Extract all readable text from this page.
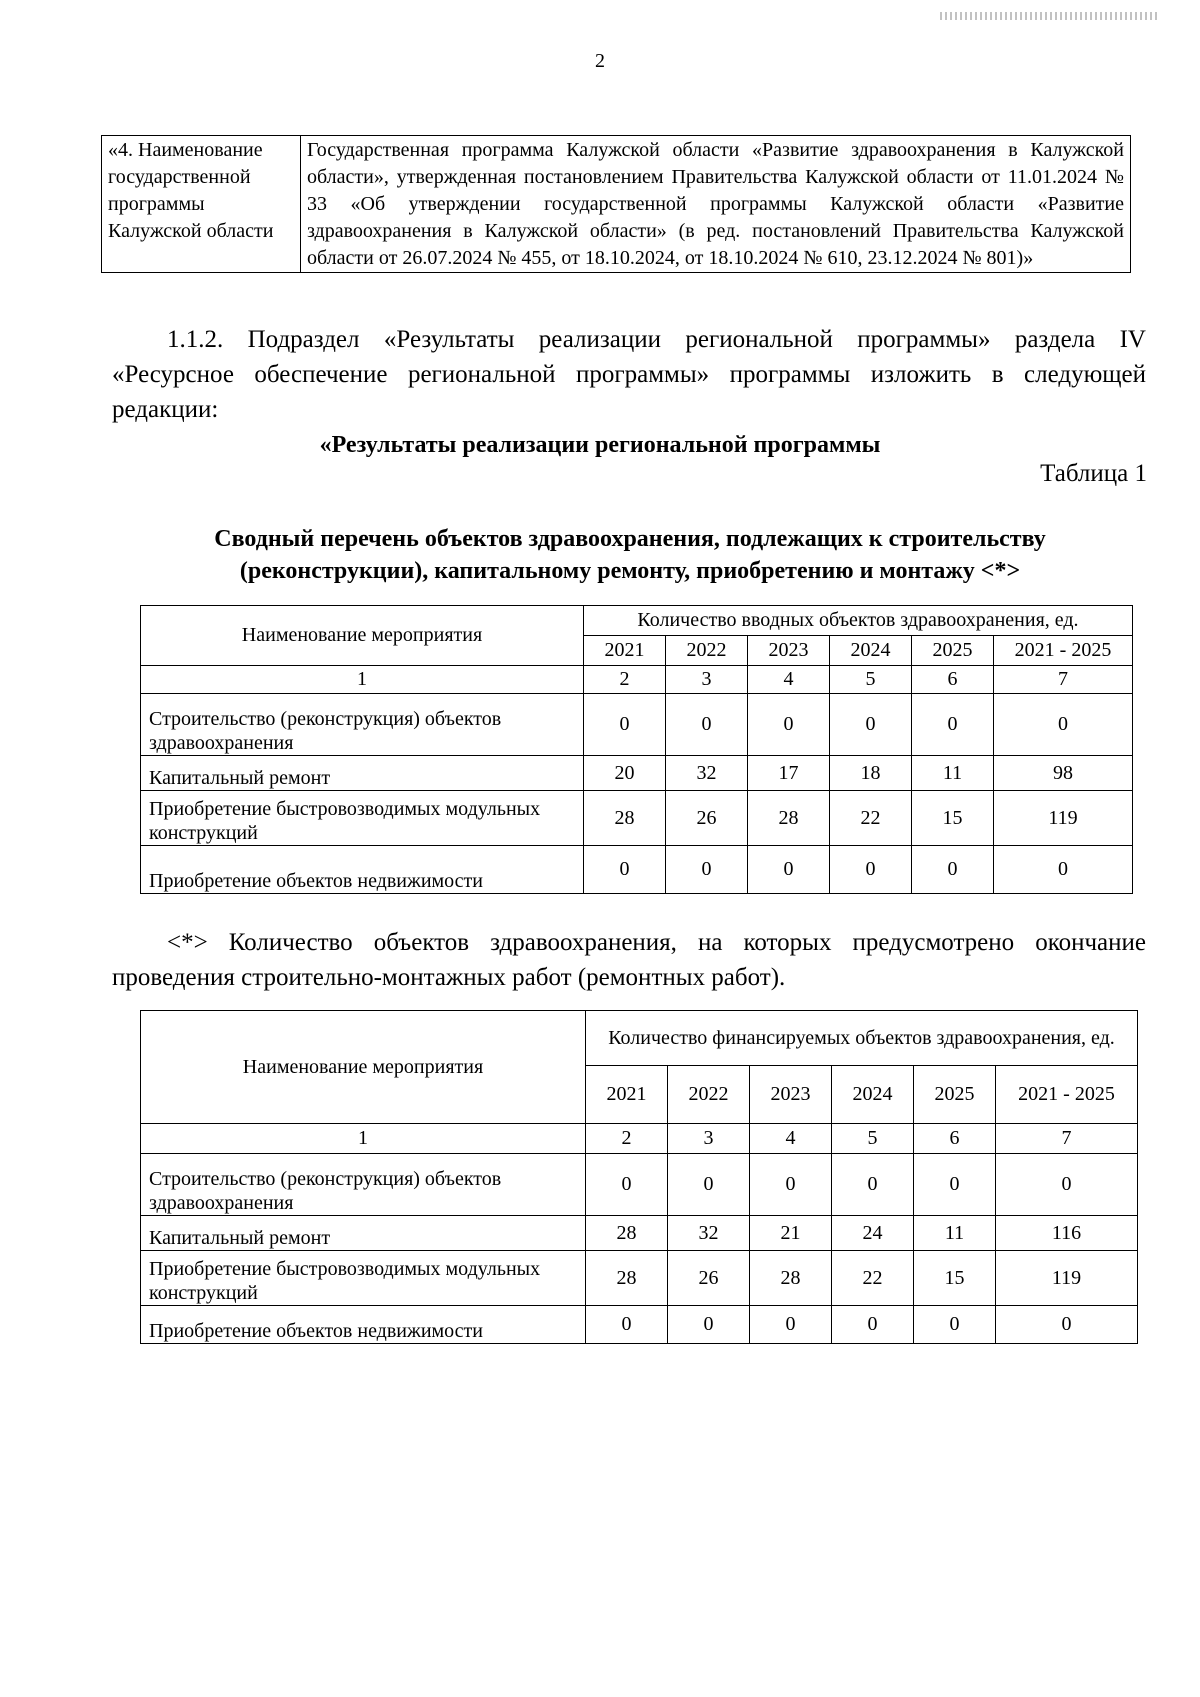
2
«4. Наименование государственной программы Калужской области	Государственная программа Калужской области «Развитие здравоохранения в Калужской области», утвержденная постановлением Правительства Калужской области от 11.01.2024 № 33 «Об утверждении государственной программы Калужской области «Развитие здравоохранения в Калужской области» (в ред. постановлений Правительства Калужской области от 26.07.2024 № 455, от 18.10.2024, от 18.10.2024 № 610, 23.12.2024 № 801)»

1.1.2. Подраздел «Результаты реализации региональной программы» раздела IV «Ресурсное обеспечение региональной программы» программы изложить в следующей редакции:

«Результаты реализации региональной программы
Таблица 1
Сводный перечень объектов здравоохранения, подлежащих к строительству (реконструкции), капитальному ремонту, приобретению и монтажу <*>
Наименование мероприятия	Количество вводных объектов здравоохранения, ед.					
	2021	2022	2023	2024	2025	2021 - 2025
1	2	3	4	5	6	7
Строительство (реконструкция) объектов здравоохранения	0	0	0	0	0	0
Капитальный ремонт	20	32	17	18	11	98
Приобретение быстровозводимых модульных конструкций	28	26	28	22	15	119
Приобретение объектов недвижимости	0	0	0	0	0	0

<*> Количество объектов здравоохранения, на которых предусмотрено окончание проведения строительно-монтажных работ (ремонтных работ).

Наименование мероприятия	Количество финансируемых объектов здравоохранения, ед.					
	2021	2022	2023	2024	2025	2021 - 2025
1	2	3	4	5	6	7
Строительство (реконструкция) объектов здравоохранения	0	0	0	0	0	0
Капитальный ремонт	28	32	21	24	11	116
Приобретение быстровозводимых модульных конструкций	28	26	28	22	15	119
Приобретение объектов недвижимости	0	0	0	0	0	0
